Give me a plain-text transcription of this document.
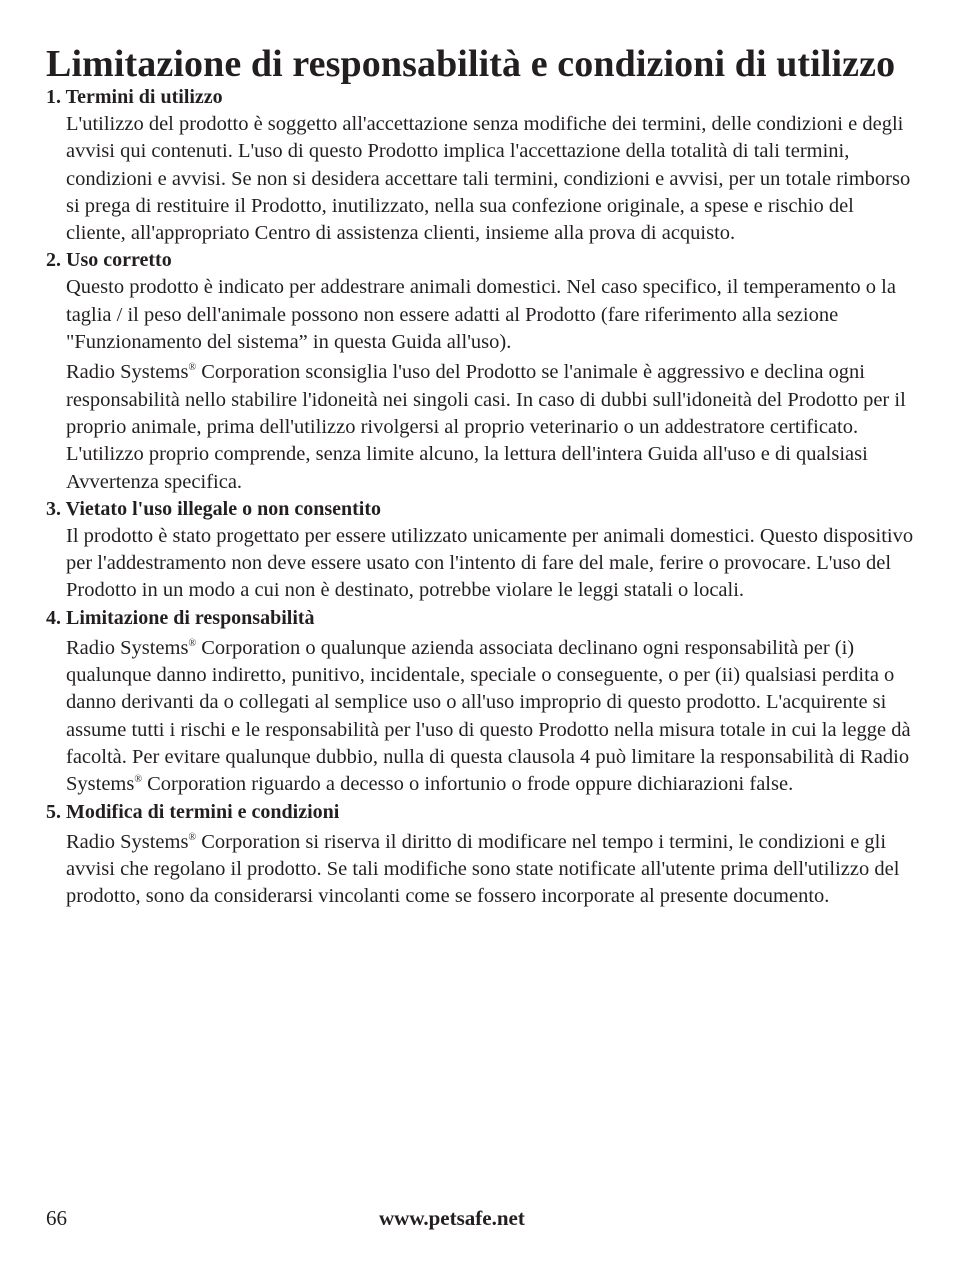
Limitazione di responsabilità e condizioni di utilizzo

1. Termini di utilizzo

L'utilizzo del prodotto è soggetto all'accettazione senza modifiche dei termini, delle condizioni e degli avvisi qui contenuti. L'uso di questo Prodotto implica l'accettazione della totalità di tali termini, condizioni e avvisi. Se non si desidera accettare tali termini, condizioni e avvisi, per un totale rimborso si prega di restituire il Prodotto, inutilizzato, nella sua confezione originale, a spese e rischio del cliente, all'appropriato Centro di assistenza clienti, insieme alla prova di acquisto.

2. Uso corretto

Questo prodotto è indicato per addestrare animali domestici. Nel caso specifico, il temperamento o la taglia / il peso dell'animale possono non essere adatti al Prodotto (fare riferimento alla sezione "Funzionamento del sistema” in questa Guida all'uso).

Radio Systems® Corporation sconsiglia l'uso del Prodotto se l'animale è aggressivo e declina ogni responsabilità nello stabilire l'idoneità nei singoli casi. In caso di dubbi sull'idoneità del Prodotto per il proprio animale, prima dell'utilizzo rivolgersi al proprio veterinario o un addestratore certificato. L'utilizzo proprio comprende, senza limite alcuno, la lettura dell'intera Guida all'uso e di qualsiasi Avvertenza specifica.

3. Vietato l'uso illegale o non consentito

Il prodotto è stato progettato per essere utilizzato unicamente per animali domestici. Questo dispositivo per l'addestramento non deve essere usato con l'intento di fare del male, ferire o provocare. L'uso del Prodotto in un modo a cui non è destinato, potrebbe violare le leggi statali o locali.

4. Limitazione di responsabilità

Radio Systems® Corporation o qualunque azienda associata declinano ogni responsabilità per (i) qualunque danno indiretto, punitivo, incidentale, speciale o conseguente, o per (ii) qualsiasi perdita o danno derivanti da o collegati al semplice uso o all'uso improprio di questo prodotto. L'acquirente si assume tutti i rischi e le responsabilità per l'uso di questo Prodotto nella misura totale in cui la legge dà facoltà. Per evitare qualunque dubbio, nulla di questa clausola 4 può limitare la responsabilità di Radio Systems® Corporation riguardo a decesso o infortunio o frode oppure dichiarazioni false.

5. Modifica di termini e condizioni

Radio Systems® Corporation si riserva il diritto di modificare nel tempo i termini, le condizioni e gli avvisi che regolano il prodotto. Se tali modifiche sono state notificate all'utente prima dell'utilizzo del prodotto, sono da considerarsi vincolanti come se fossero incorporate al presente documento.

66	www.petsafe.net
